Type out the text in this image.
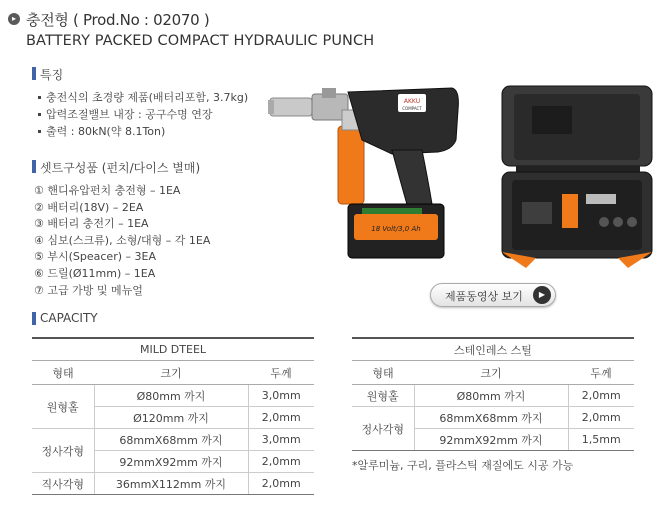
▸ 충전형 ( Prod.No : 02070 )
BATTERY PACKED COMPACT HYDRAULIC PUNCH
특징
충전식의 초경량 제품(배터리포함, 3.7kg)
압력조절밸브 내장 : 공구수명 연장
출력 : 80kN(약 8.1Ton)
셋트구성품 (펀치/다이스 별매)
① 핸디유압펀치 충전형 – 1EA
② 배터리(18V) – 2EA
③ 배터리 충전기 – 1EA
④ 심보(스크류), 소형/대형 – 각 1EA
⑤ 부시(Speacer) – 3EA
⑥ 드릴(Ø11mm) – 1EA
⑦ 고급 가방 및 메뉴얼
AKKU
COMPACT
18 Volt/3,0 Ah
제품동영상 보기	▶
CAPACITY
MILD DTEEL		
형태	크기	두께
원형홀	Ø80mm 까지	3,0mm
	Ø120mm 까지	2,0mm
정사각형	68mmX68mm 까지	3,0mm
	92mmX92mm 까지	2,0mm
직사각형	36mmX112mm 까지	2,0mm
스테인레스 스틸		
형태	크기	두께
원형홀	Ø80mm 까지	2,0mm
정사각형	68mmX68mm 까지	2,0mm
	92mmX92mm 까지	1,5mm
*알루미늄, 구리, 플라스틱 재질에도 시공 가능
